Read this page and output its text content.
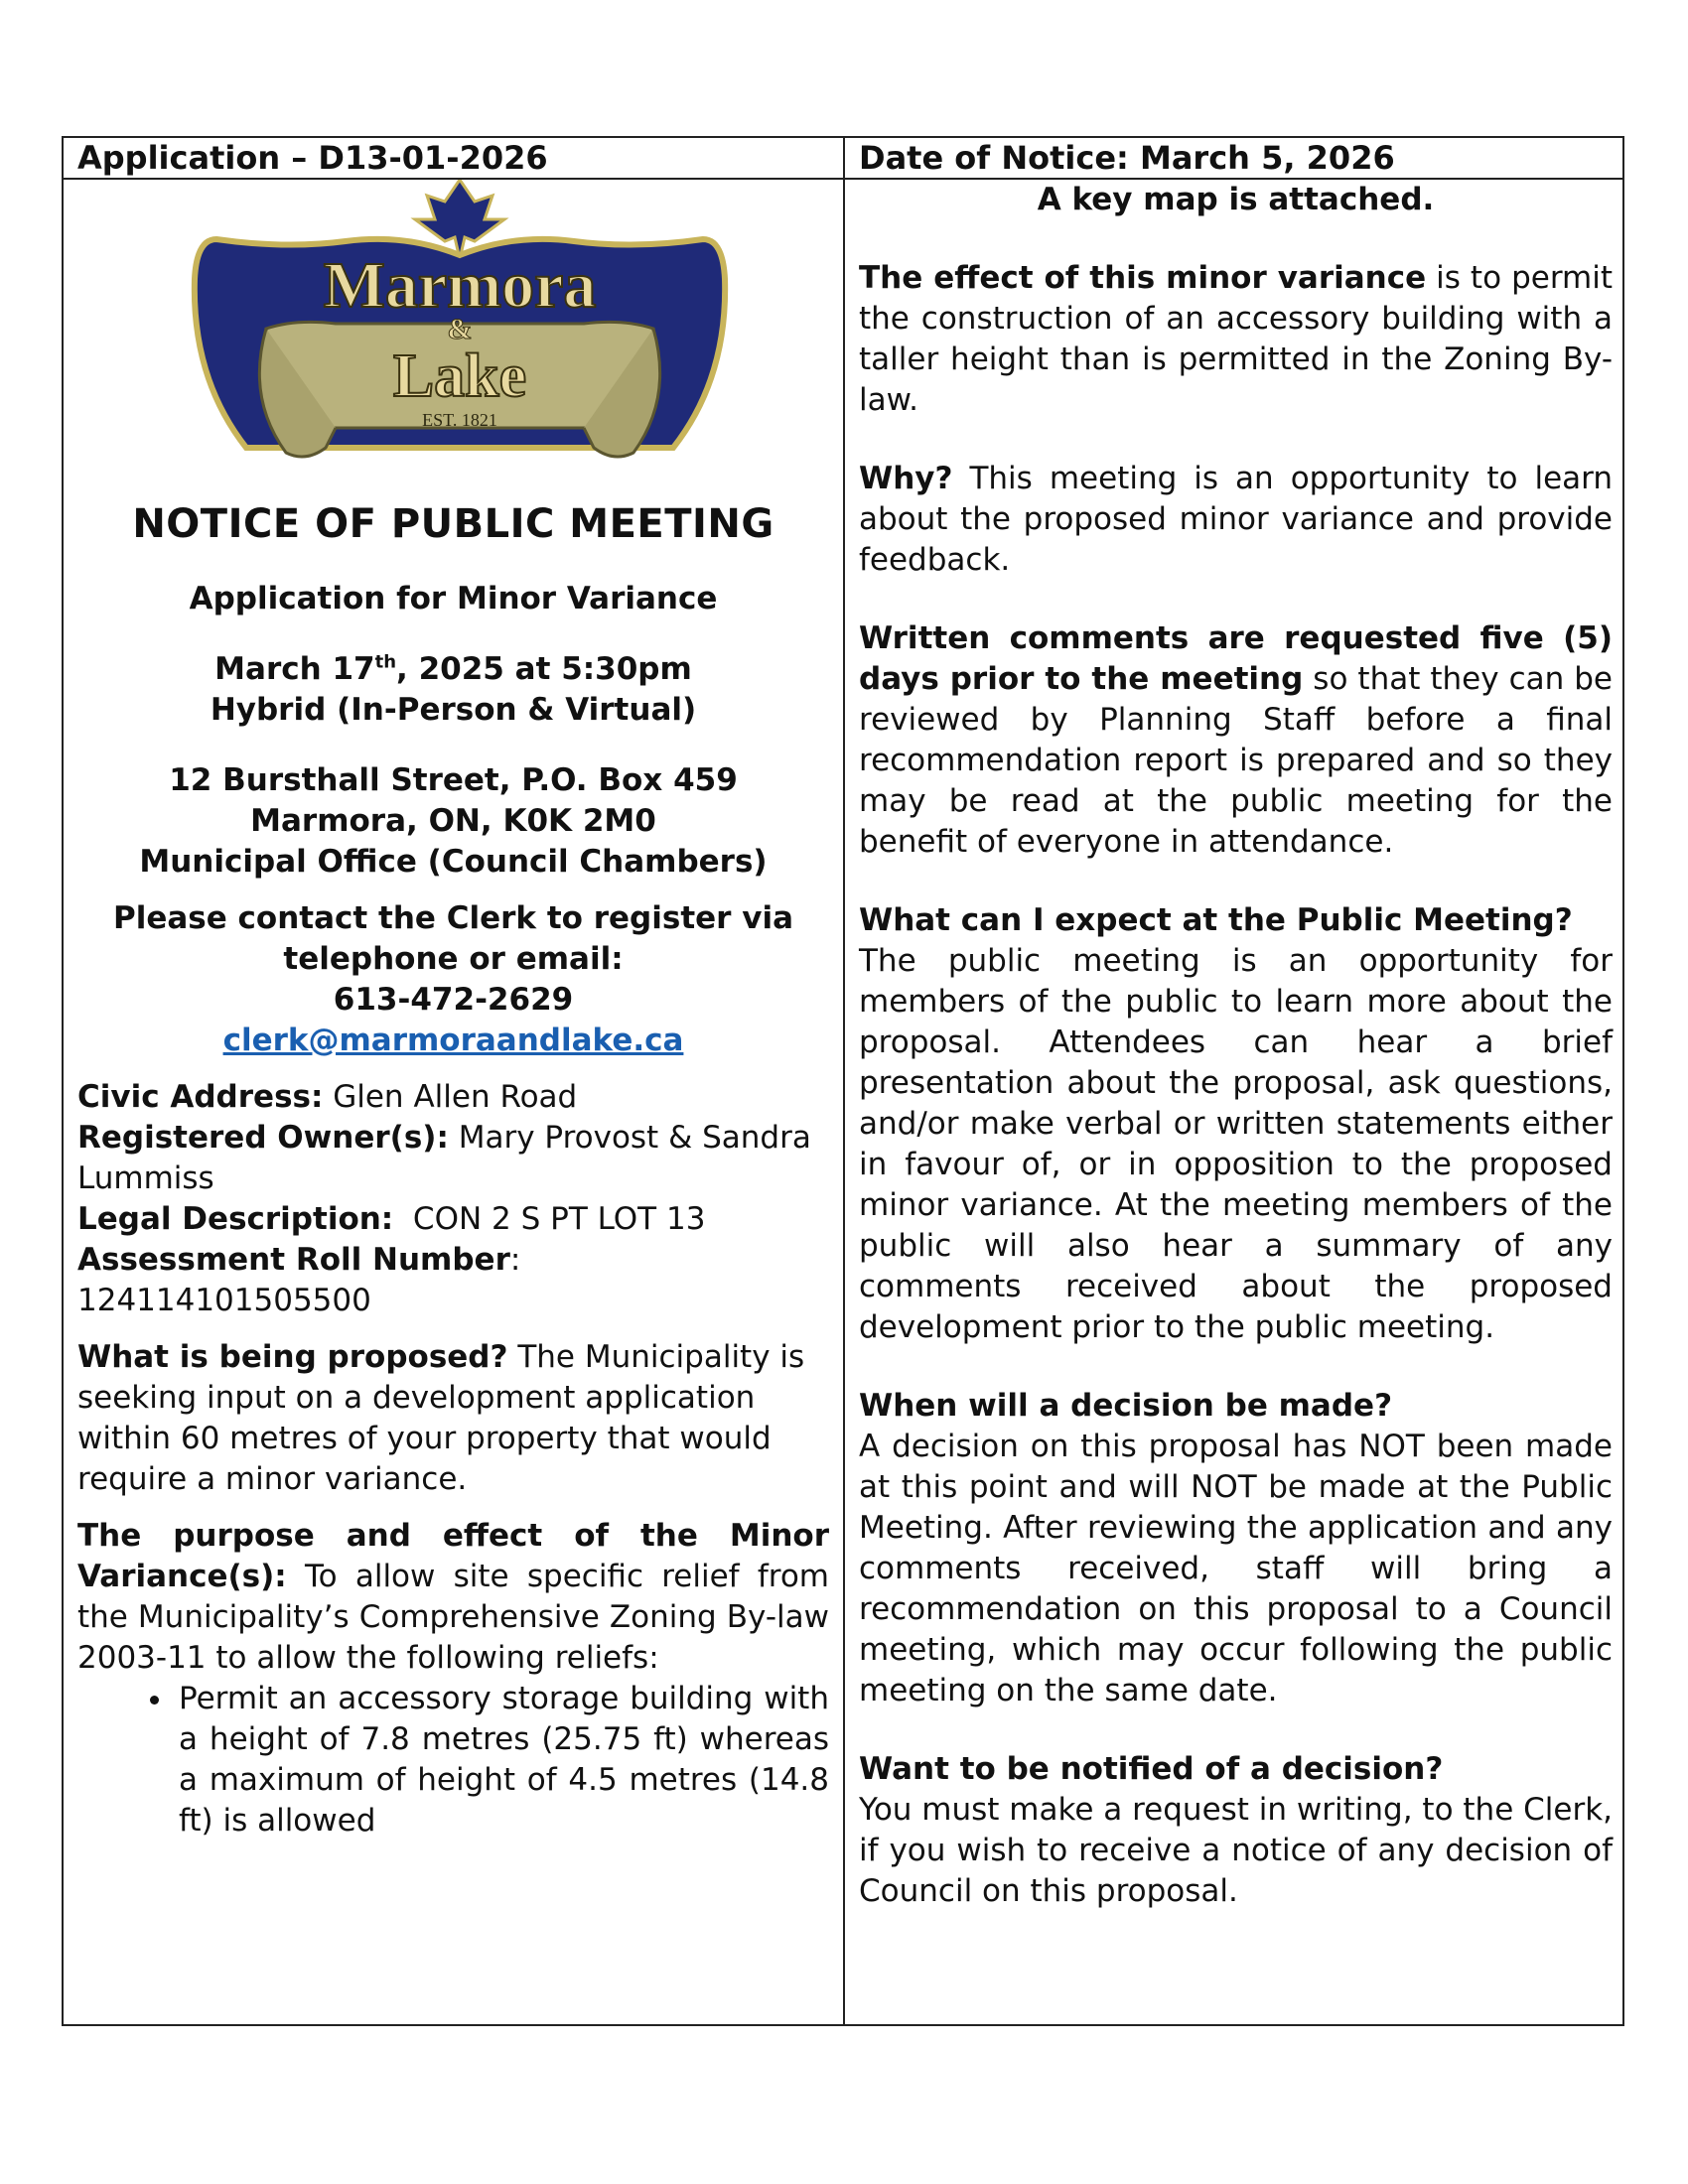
Application – D13-01-2026	Date of Notice: March 5, 2026
Marmora
&
Lake
EST. 1821
NOTICE OF PUBLIC MEETING
Application for Minor Variance
March 17th, 2025 at 5:30pm
Hybrid (In-Person & Virtual)
12 Bursthall Street, P.O. Box 459
Marmora, ON, K0K 2M0
Municipal Office (Council Chambers)
Please contact the Clerk to register via
telephone or email:
613-472-2629
clerk@marmoraandlake.ca
Civic Address: Glen Allen Road
Registered Owner(s): Mary Provost & Sandra Lummiss
Legal Description:  CON 2 S PT LOT 13
Assessment Roll Number:
124114101505500
What is being proposed? The Municipality is seeking input on a development application within 60 metres of your property that would require a minor variance.
The purpose and effect of the Minor Variance(s): To allow site specific relief from the Municipality’s Comprehensive Zoning By-law 2003-11 to allow the following reliefs:
• Permit an accessory storage building with a height of 7.8 metres (25.75 ft) whereas a maximum of height of 4.5 metres (14.8 ft) is allowed
A key map is attached.
The effect of this minor variance is to permit the construction of an accessory building with a taller height than is permitted in the Zoning By-law.
Why? This meeting is an opportunity to learn about the proposed minor variance and provide feedback.
Written comments are requested five (5) days prior to the meeting so that they can be reviewed by Planning Staff before a final recommendation report is prepared and so they may be read at the public meeting for the benefit of everyone in attendance.
What can I expect at the Public Meeting?
The public meeting is an opportunity for members of the public to learn more about the proposal. Attendees can hear a brief presentation about the proposal, ask questions, and/or make verbal or written statements either in favour of, or in opposition to the proposed minor variance. At the meeting members of the public will also hear a summary of any comments received about the proposed development prior to the public meeting.
When will a decision be made?
A decision on this proposal has NOT been made at this point and will NOT be made at the Public Meeting. After reviewing the application and any comments received, staff will bring a recommendation on this proposal to a Council meeting, which may occur following the public meeting on the same date.
Want to be notified of a decision?
You must make a request in writing, to the Clerk, if you wish to receive a notice of any decision of Council on this proposal.
